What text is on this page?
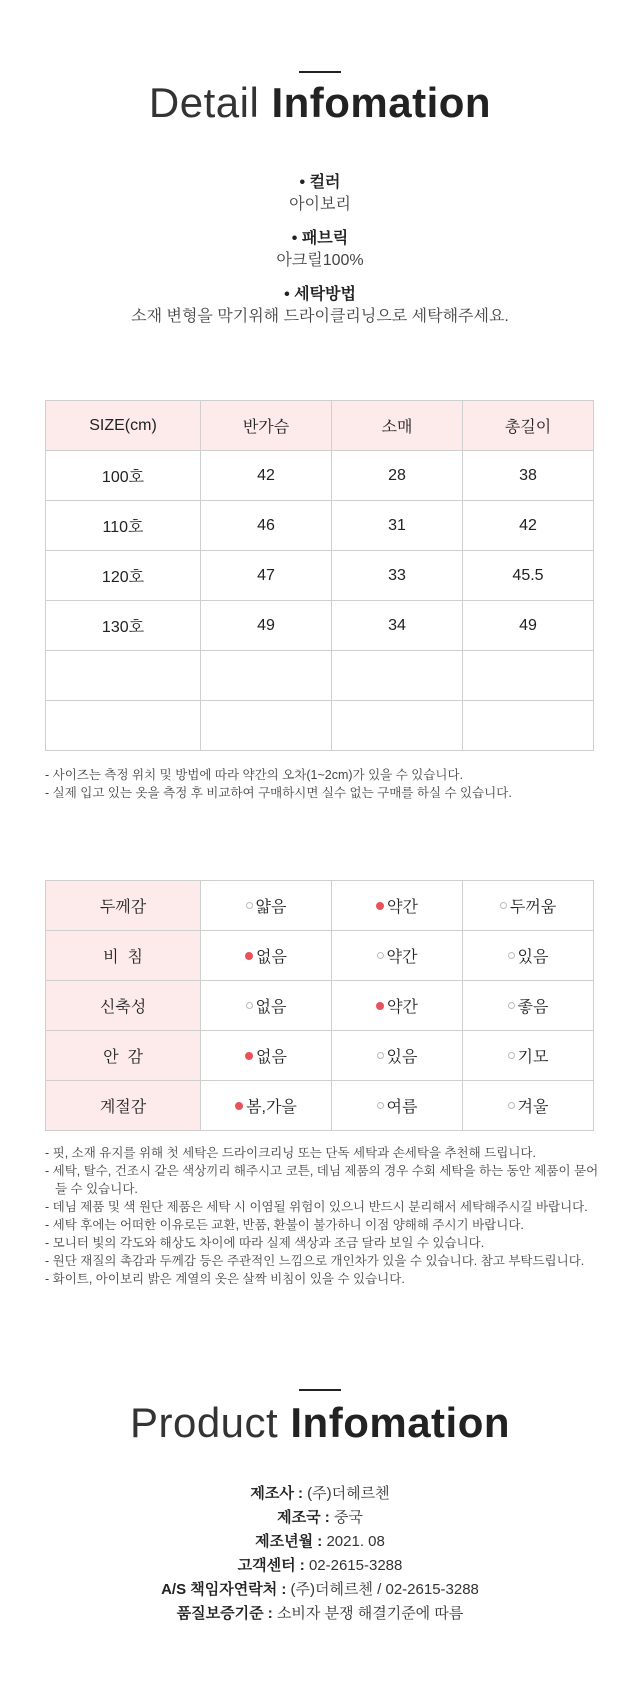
Detail Infomation
• 컬러
아이보리
• 패브릭
아크릴100%
• 세탁방법
소재 변형을 막기위해 드라이클리닝으로 세탁해주세요.
SIZE(cm)	반가슴	소매	총길이
100호	42	28	38
110호	46	31	42
120호	47	33	45.5
130호	49	34	49

- 사이즈는 측정 위치 및 방법에 따라 약간의 오차(1~2cm)가 있을 수 있습니다.

- 실제 입고 있는 옷을 측정 후 비교하여 구매하시면 실수 없는 구매를 하실 수 있습니다.

두께감	얇음	약간	두꺼움

비  침	없음	약간	있음

신축성	없음	약간	좋음

안  감	없음	있음	기모

계절감	봄,가을	여름	겨울

- 핏, 소재 유지를 위해 첫 세탁은 드라이크리닝 또는 단독 세탁과 손세탁을 추천해 드립니다.

- 세탁, 탈수, 건조시 같은 색상끼리 해주시고 코튼, 데님 제품의 경우 수회 세탁을 하는 동안 제품이 묻어들 수 있습니다.

- 데님 제품 및 색 원단 제품은 세탁 시 이염될 위험이 있으니 반드시 분리해서 세탁해주시길 바랍니다.

- 세탁 후에는 어떠한 이유로든 교환, 반품, 환불이 불가하니 이점 양해해 주시기 바랍니다.

- 모니터 빛의 각도와 해상도 차이에 따라 실제 색상과 조금 달라 보일 수 있습니다.

- 원단 재질의 촉감과 두께감 등은 주관적인 느낌으로 개인차가 있을 수 있습니다. 참고 부탁드립니다.

- 화이트, 아이보리 밝은 계열의 옷은 살짝 비침이 있을 수 있습니다.

Product Infomation
제조사 : (주)더헤르첸
제조국 : 중국
제조년월 : 2021. 08
고객센터 : 02-2615-3288
A/S 책임자연락처 : (주)더헤르첸 / 02-2615-3288
품질보증기준 : 소비자 분쟁 해결기준에 따름
